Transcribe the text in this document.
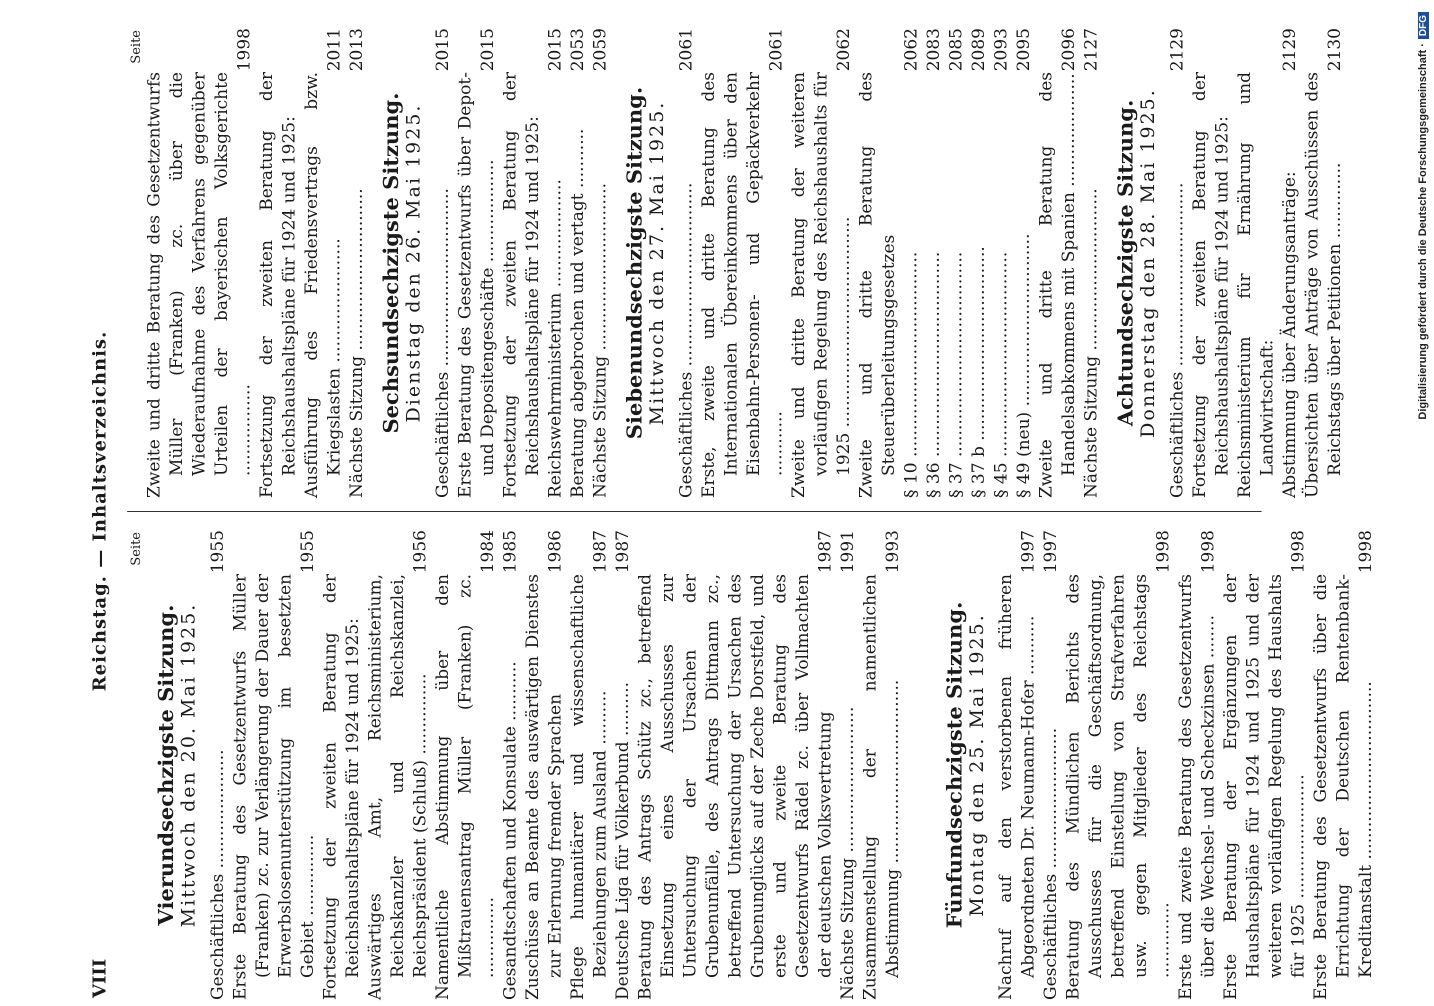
VIII
Reichstag. — Inhaltsverzeichnis. Seite
Vierundsechzigste Sitzung. Mittwoch den 20. Mai 1925. Geschäftliches ......................
1955
Erste Beratung des Gesetzentwurfs Müller (Franken) zc. zur Verlängerung der Dauer der Erwerbslosenunterstützung im besetzten Gebiet ...............
1955
Fortsetzung der zweiten Beratung der Reichshaushaltspläne für 1924 und 1925: Auswärtiges Amt, Reichsministerium, Reichskanzler und Reichskanzlei, Reichspräsident (Schluß) ...............
1956
Namentliche Abstimmung über den Mißtrauensantrag Müller (Franken) zc. ...............
1984
Gesandtschaften und Konsulate ...........
1985
Zuschüsse an Beamte des auswärtigen Dienstes zur Erlernung fremder Sprachen
1986
Pflege humanitärer und wissenschaftliche Beziehungen zum Ausland ..........
1987
Deutsche Liga für Völkerbund ..........
1987
Beratung des Antrags Schütz zc., betreffend Einsetzung eines Ausschusses zur Untersuchung der Ursachen der Grubenunfälle, des Antrags Dittmann zc., betreffend Untersuchung der Ursachen des Grubenunglücks auf der Zeche Dorstfeld, und erste und zweite Beratung des Gesetzentwurfs Rädel zc. über Vollmachten der deutschen Volksvertretung
1987
Nächste Sitzung ...........................
1991
Zusammenstellung der namentlichen Abstimmung ..................................
1993
Fünfundsechzigste Sitzung. Montag den 25. Mai 1925. Nachruf auf den verstorbenen früheren Abgeordneten Dr. Neumann-Hofer ...........
1997
Geschäftliches ..........................
1997
Beratung des Mündlichen Berichts des Ausschusses für die Geschäftsordnung, betreffend Einstellung von Strafverfahren usw. gegen Mitglieder des Reichstags ..............
1998
Erste und zweite Beratung des Gesetzentwurfs über die Wechsel- und Scheckzinsen ........
1998
Erste Beratung der Ergänzungen der Haushaltspläne für 1924 und 1925 und der weiteren vorläufigen Regelung des Haushalts für 1925 .......................
1998
Erste Beratung des Gesetzentwurfs über die Errichtung der Deutschen Rentenbank-Kreditanstalt .................................
1998
Seite
Zweite und dritte Beratung des Gesetzentwurfs Müller (Franken) zc. über die Wiederaufnahme des Verfahrens gegenüber Urteilen der bayerischen Volksgerichte .................
1998
Fortsetzung der zweiten Beratung der Reichshaushaltspläne für 1924 und 1925: Ausführung des Friedensvertrags bzw. Kriegslasten .......................
2011
Nächste Sitzung ..............................
2013
Sechsundsechzigste Sitzung. Dienstag den 26. Mai 1925. Geschäftliches .................................
2015
Erste Beratung des Gesetzentwurfs über Depot- und Depositengeschäfte ...................
2015
Fortsetzung der zweiten Beratung der Reichshaushaltspläne für 1924 und 1925: Reichswehrministerium ....................
2015
Beratung abgebrochen und vertagt ...........
2053
Nächste Sitzung ...............................
2059
Siebenundsechzigste Sitzung. Mittwoch den 27. Mai 1925. Geschäftliches ..................................
2061
Erste, zweite und dritte Beratung des Internationalen Übereinkommens über den Eisenbahn-Personen- und Gepäckverkehr ............
2061
Zweite und dritte Beratung der weiteren vorläufigen Regelung des Reichshaushalts für 1925 .......................................
2062
Zweite und dritte Beratung des Steuerüberleitungsgesetzes § 10 ......................................
2062
§ 36 ......................................
2083
§ 37 ......................................
2085
§ 37 b ....................................
2089
§ 45 ......................................
2093
§ 49 (neu) ................................
2095
Zweite und dritte Beratung des Handelsabkommens mit Spanien .....................
2096
Nächste Sitzung ..............................
2127
Achtundsechzigste Sitzung. Donnerstag den 28. Mai 1925. Geschäftliches ..................................
2129
Fortsetzung der zweiten Beratung der Reichshaushaltspläne für 1924 und 1925: Reichsministerium für Ernährung und Landwirtschaft: Abstimmung über Änderungsanträge:
2129
Übersichten über Anträge von Ausschüssen des Reichstags über Petitionen ..............
2130	Digitalisierung gefördert durch die Deutsche Forschungsgemeinschaft ·DFG
